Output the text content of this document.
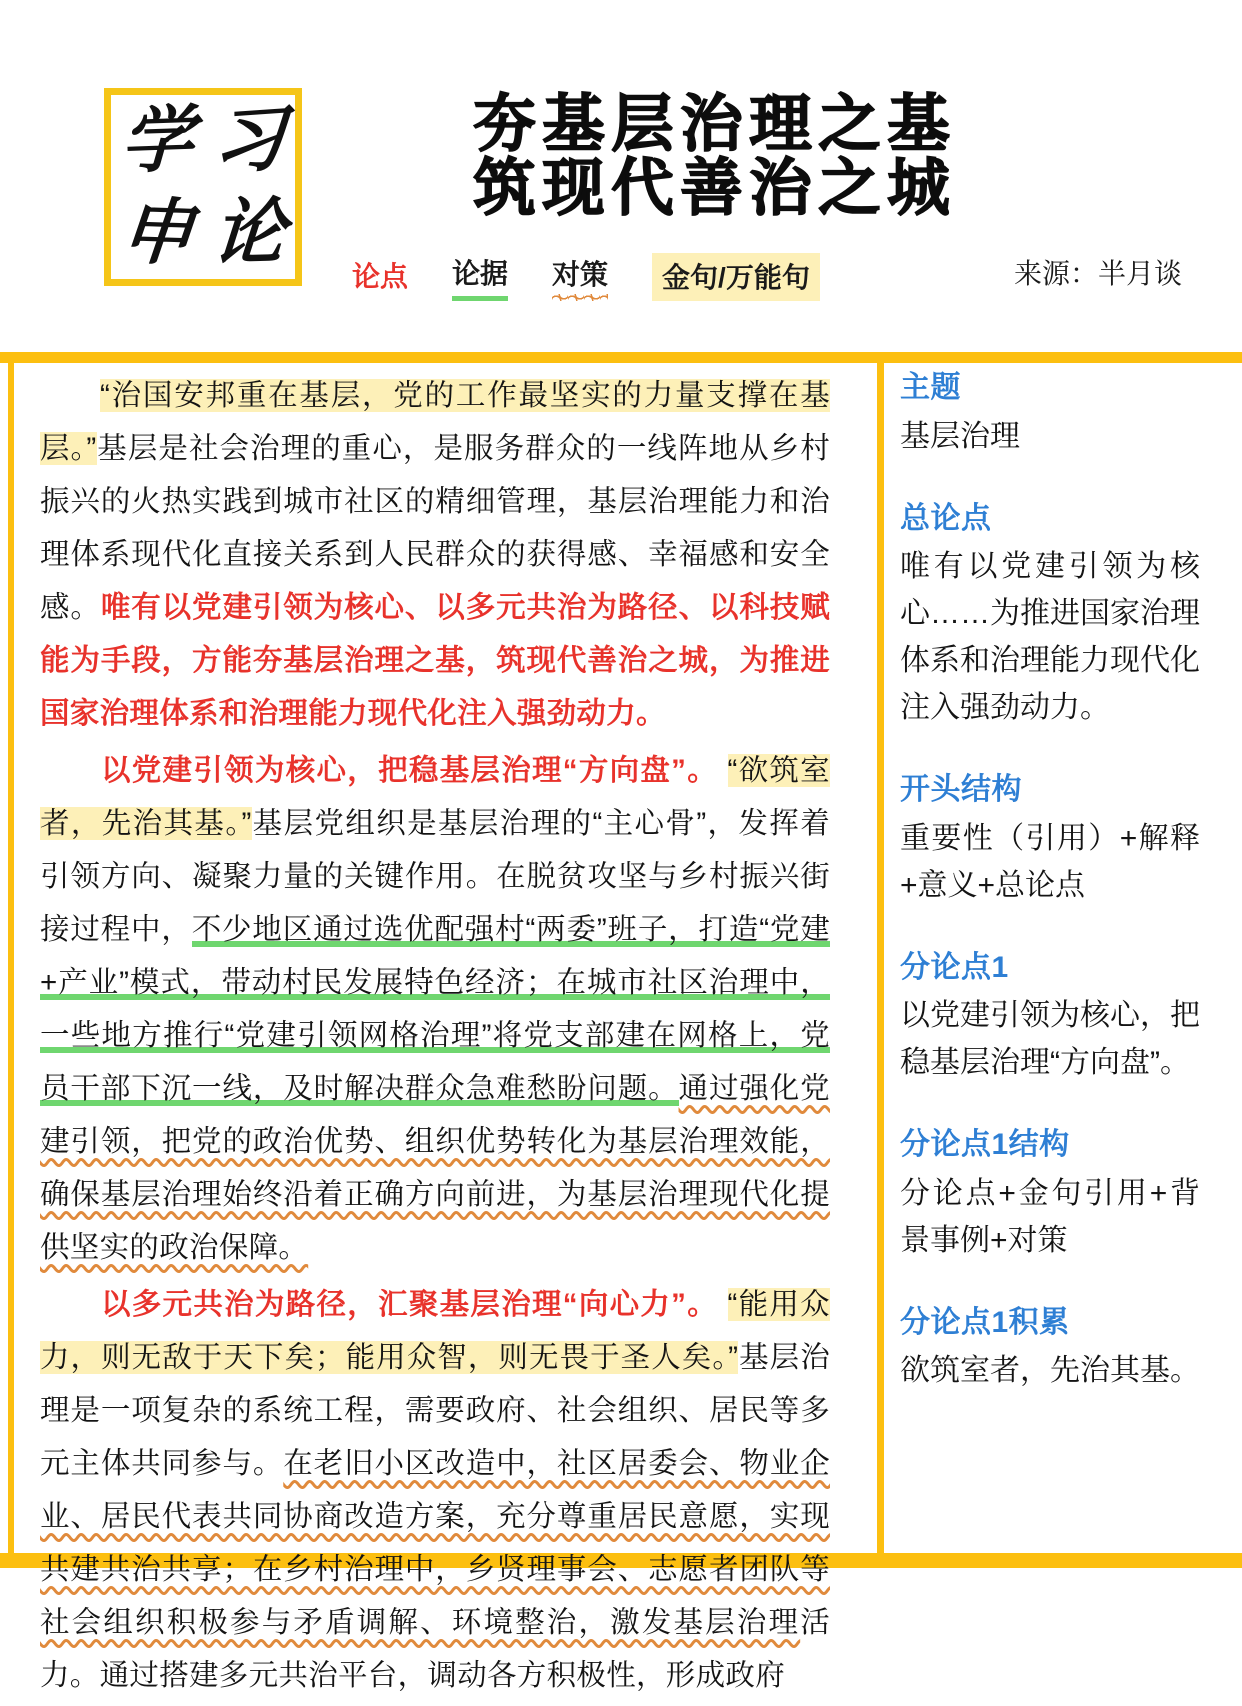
学 习
申 论
夯基层治理之基
筑现代善治之城
论点 论据 对策	金句/万能句	来源：半月谈

“治国安邦重在基层，党的工作最坚实的力量支撑在基层。”基层是社会治理的重心，是服务群众的一线阵地从乡村振兴的火热实践到城市社区的精细管理，基层治理能力和治理体系现代化直接关系到人民群众的获得感、幸福感和安全感。唯有以党建引领为核心、以多元共治为路径、以科技赋能为手段，方能夯基层治理之基，筑现代善治之城，为推进国家治理体系和治理能力现代化注入强劲动力。

以党建引领为核心，把稳基层治理“方向盘”。 “欲筑室者，先治其基。”基层党组织是基层治理的“主心骨”，发挥着引领方向、凝聚力量的关键作用。在脱贫攻坚与乡村振兴街接过程中，不少地区通过选优配强村“两委”班子，打造“党建+产业”模式，带动村民发展特色经济；在城市社区治理中，一些地方推行“党建引领网格治理”将党支部建在网格上，党员干部下沉一线，及时解决群众急难愁盼问题。通过强化党建引领，把党的政治优势、组织优势转化为基层治理效能，确保基层治理始终沿着正确方向前进，为基层治理现代化提供坚实的政治保障。

以多元共治为路径，汇聚基层治理“向心力”。 “能用众力，则无敌于天下矣；能用众智，则无畏于圣人矣。”基层治理是一项复杂的系统工程，需要政府、社会组织、居民等多元主体共同参与。在老旧小区改造中，社区居委会、物业企业、居民代表共同协商改造方案，充分尊重居民意愿，实现共建共治共享；在乡村治理中，乡贤理事会、志愿者团队等社会组织积极参与矛盾调解、环境整治，激发基层治理活力。通过搭建多元共治平台，调动各方积极性，形成政府

主题
基层治理
总论点
唯有以党建引领为核心……为推进国家治理体系和治理能力现代化注入强劲动力。
开头结构
重要性（引用）+解释+意义+总论点
分论点1
以党建引领为核心，把稳基层治理“方向盘”。
分论点1结构
分论点+金句引用+背景事例+对策
分论点1积累
欲筑室者，先治其基。
